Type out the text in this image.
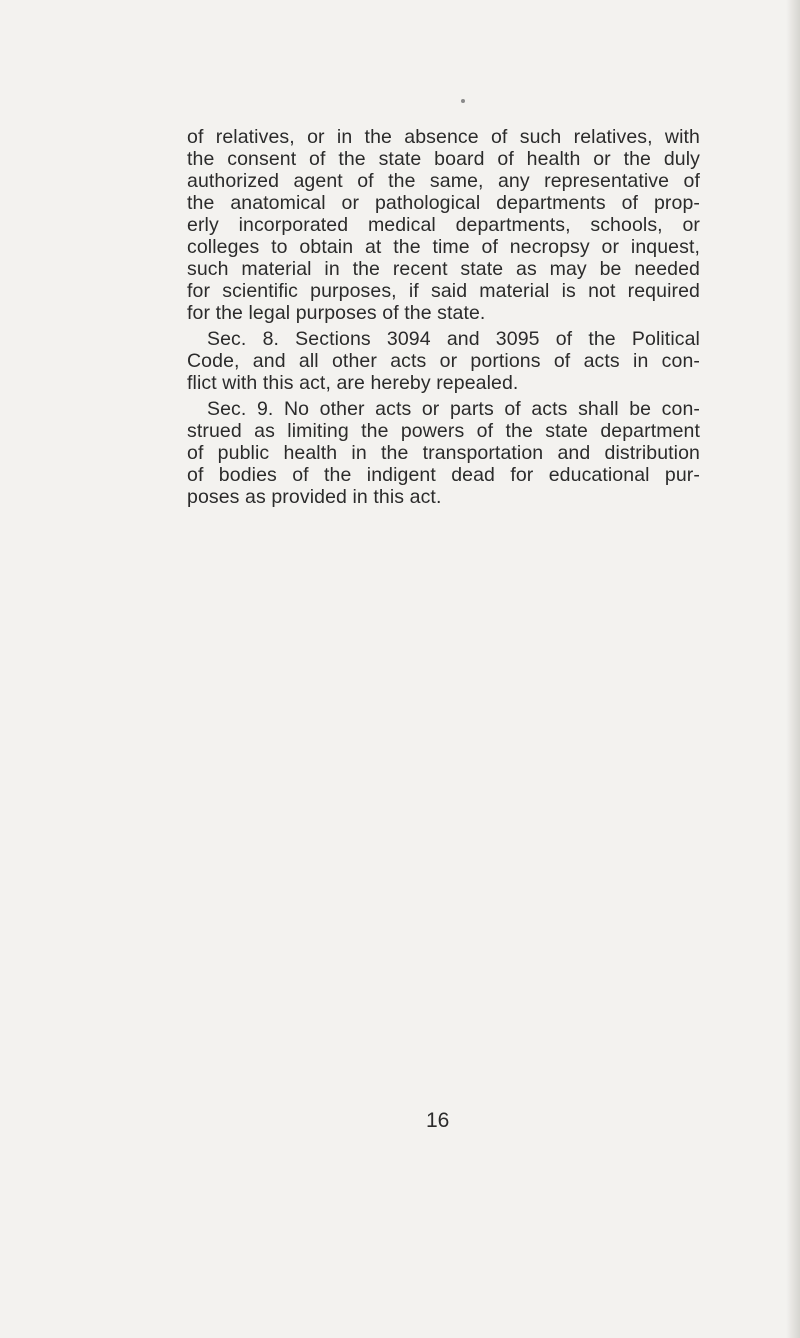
of relatives, or in the absence of such relatives, with
the consent of the state board of health or the duly
authorized agent of the same, any representative of
the anatomical or pathological departments of prop-
erly incorporated medical departments, schools, or
colleges to obtain at the time of necropsy or inquest,
such material in the recent state as may be needed
for scientific purposes, if said material is not required
for the legal purposes of the state.
Sec. 8. Sections 3094 and 3095 of the Political
Code, and all other acts or portions of acts in con-
flict with this act, are hereby repealed.
Sec. 9. No other acts or parts of acts shall be con-
strued as limiting the powers of the state department
of public health in the transportation and distribution
of bodies of the indigent dead for educational pur-
poses as provided in this act.
16
